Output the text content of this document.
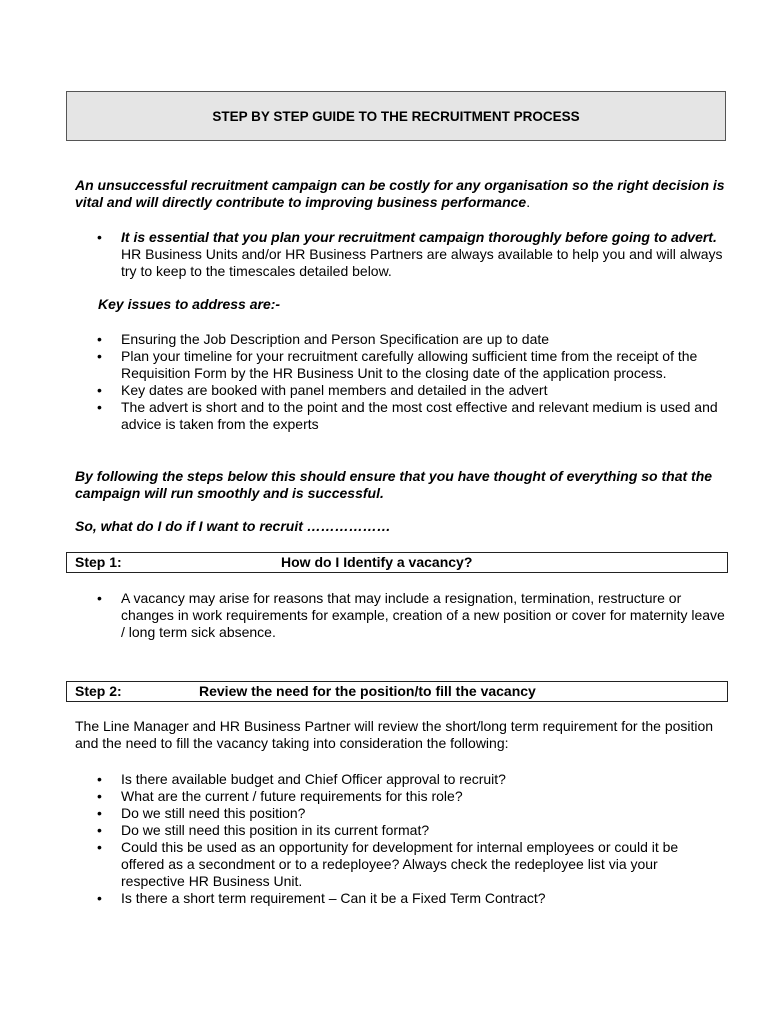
STEP BY STEP GUIDE TO THE RECRUITMENT PROCESS
An unsuccessful recruitment campaign can be costly for any organisation so the right decision is vital and will directly contribute to improving business performance.
• It is essential that you plan your recruitment campaign thoroughly before going to advert. HR Business Units and/or HR Business Partners are always available to help you and will always try to keep to the timescales detailed below.
Key issues to address are:-
• Ensuring the Job Description and Person Specification are up to date
• Plan your timeline for your recruitment carefully allowing sufficient time from the receipt of the Requisition Form by the HR Business Unit to the closing date of the application process.
• Key dates are booked with panel members and detailed in the advert
• The advert is short and to the point and the most cost effective and relevant medium is used and advice is taken from the experts
By following the steps below this should ensure that you have thought of everything so that the campaign will run smoothly and is successful.
So, what do I do if I want to recruit ………………
Step 1:	How do I Identify a vacancy?
• A vacancy may arise for reasons that may include a resignation, termination, restructure or changes in work requirements for example, creation of a new position or cover for maternity leave / long term sick absence.
Step 2:	Review the need for the position/to fill the vacancy
The Line Manager and HR Business Partner will review the short/long term requirement for the position and the need to fill the vacancy taking into consideration the following:
• Is there available budget and Chief Officer approval to recruit?
• What are the current / future requirements for this role?
• Do we still need this position?
• Do we still need this position in its current format?
• Could this be used as an opportunity for development for internal employees or could it be offered as a secondment or to a redeployee? Always check the redeployee list via your respective HR Business Unit.
• Is there a short term requirement – Can it be a Fixed Term Contract?
